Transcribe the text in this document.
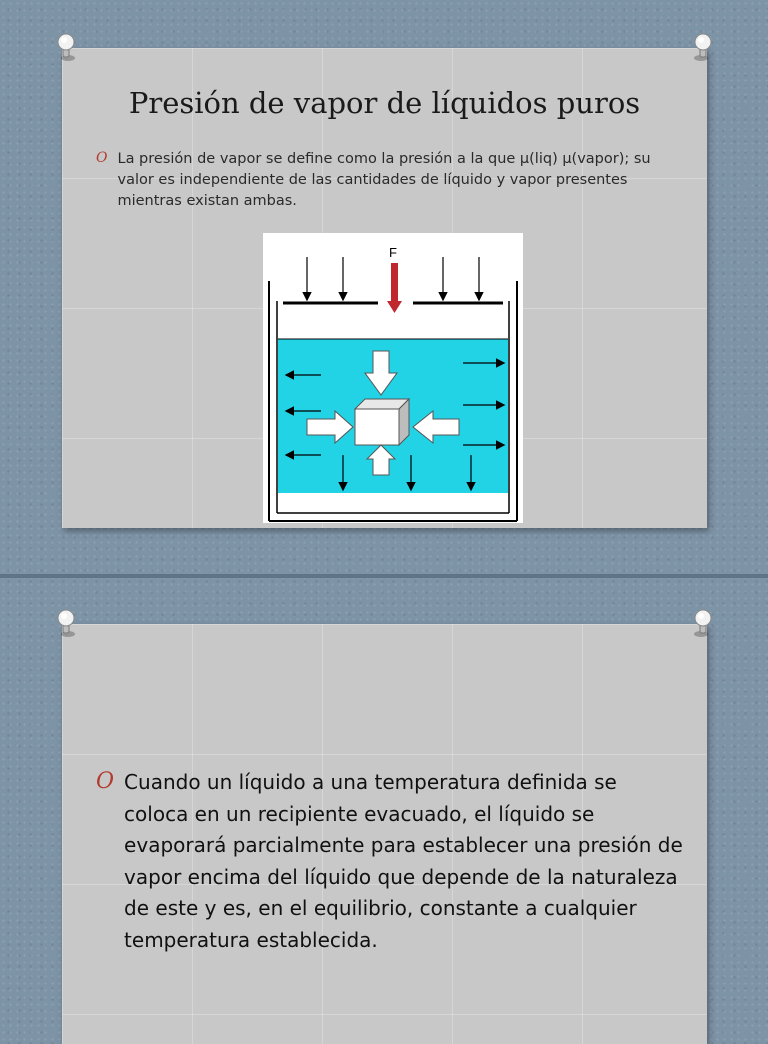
Presión de vapor de líquidos puros
O La presión de vapor se define como la presión a la que μ(liq) μ(vapor); su valor es independiente de las cantidades de líquido y vapor presentes mientras existan ambas.
F
O Cuando un líquido a una temperatura definida se coloca en un recipiente evacuado, el líquido se evaporará parcialmente para establecer una presión de vapor encima del líquido que depende de la naturaleza de este y es, en el equilibrio, constante a cualquier temperatura establecida.
